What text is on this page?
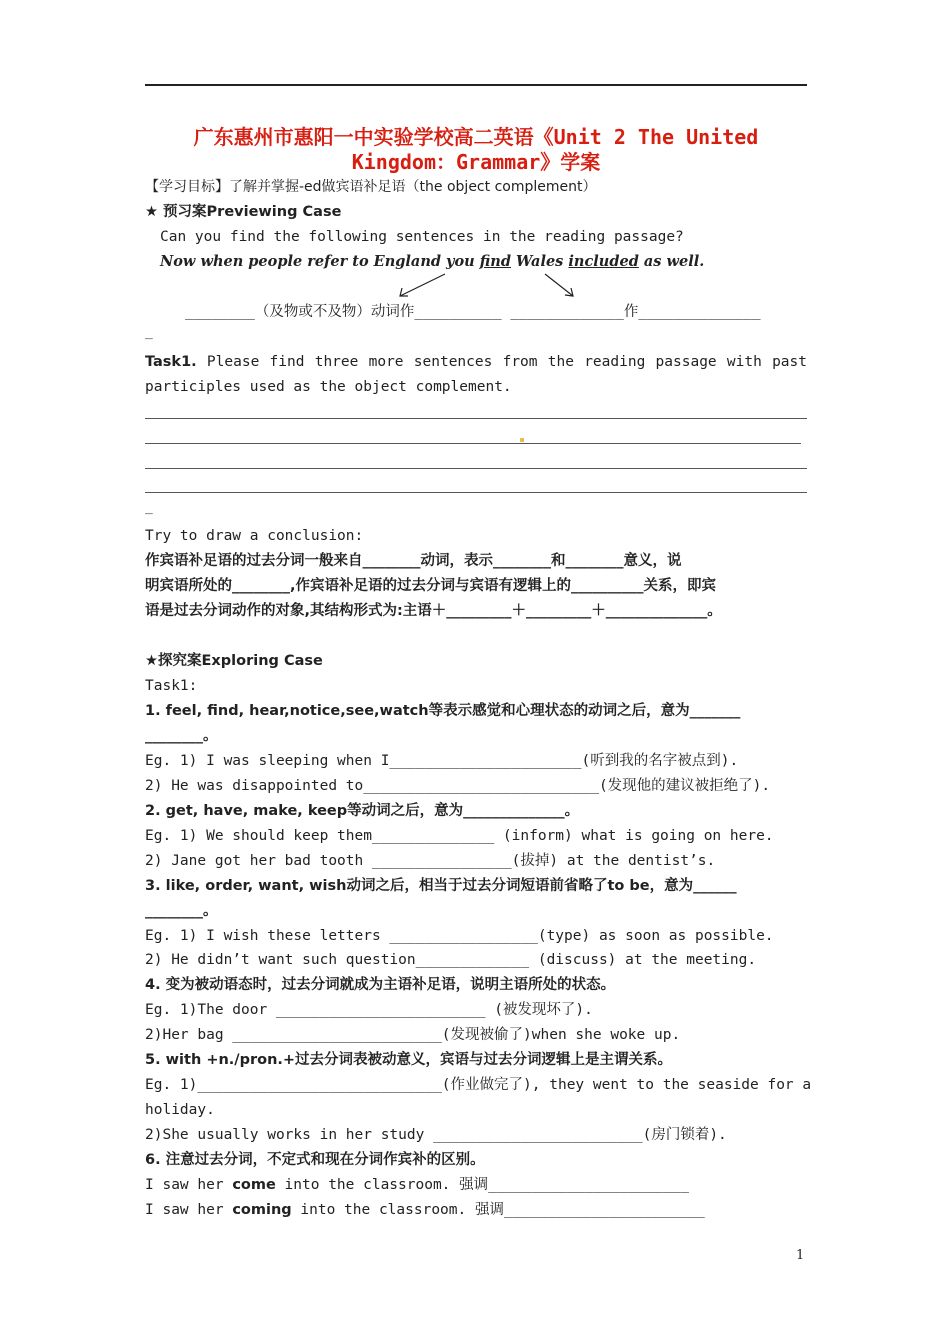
广东惠州市惠阳一中实验学校高二英语《Unit 2 The United
Kingdom：Grammar》学案
【学习目标】了解并掌握-ed做宾语补足语（the object complement）
★ 预习案Previewing Case
Can you find the following sentences in the reading passage?
Now when people refer to England you find Wales included as well.
________（及物或不及物）动词作__________ _____________作______________
_
Task1. Please find three more sentences from the reading passage with past
participles used as the object complement.
_
Try to draw a conclusion:
作宾语补足语的过去分词一般来自________动词，表示________和________意义，说
明宾语所处的________,作宾语补足语的过去分词与宾语有逻辑上的__________关系，即宾
语是过去分词动作的对象,其结构形式为:主语＋_________＋_________＋______________。
★探究案Exploring Case
Task1:
1. feel, find, hear,notice,see,watch等表示感觉和心理状态的动词之后，意为_______
________。
Eg. 1) I was sleeping when I______________________(听到我的名字被点到).
2) He was disappointed to___________________________(发现他的建议被拒绝了).
2. get, have, make, keep等动词之后，意为______________。
Eg. 1) We should keep them______________ (inform) what is going on here.
2) Jane got her bad tooth ________________(拔掉) at the dentist’s.
3. like, order, want, wish动词之后，相当于过去分词短语前省略了to be，意为______
________。
Eg. 1) I wish these letters _________________(type) as soon as possible.
2) He didn’t want such question_____________ (discuss) at the meeting.
4. 变为被动语态时，过去分词就成为主语补足语，说明主语所处的状态。
Eg. 1)The door ________________________ (被发现坏了).
2)Her bag ________________________(发现被偷了)when she woke up.
5. with +n./pron.+过去分词表被动意义，宾语与过去分词逻辑上是主谓关系。
Eg. 1)____________________________(作业做完了), they went to the seaside for a
holiday.
2)She usually works in her study ________________________(房门锁着).
6. 注意过去分词，不定式和现在分词作宾补的区别。
I saw her come into the classroom. 强调_______________________
I saw her coming into the classroom. 强调_______________________
1
